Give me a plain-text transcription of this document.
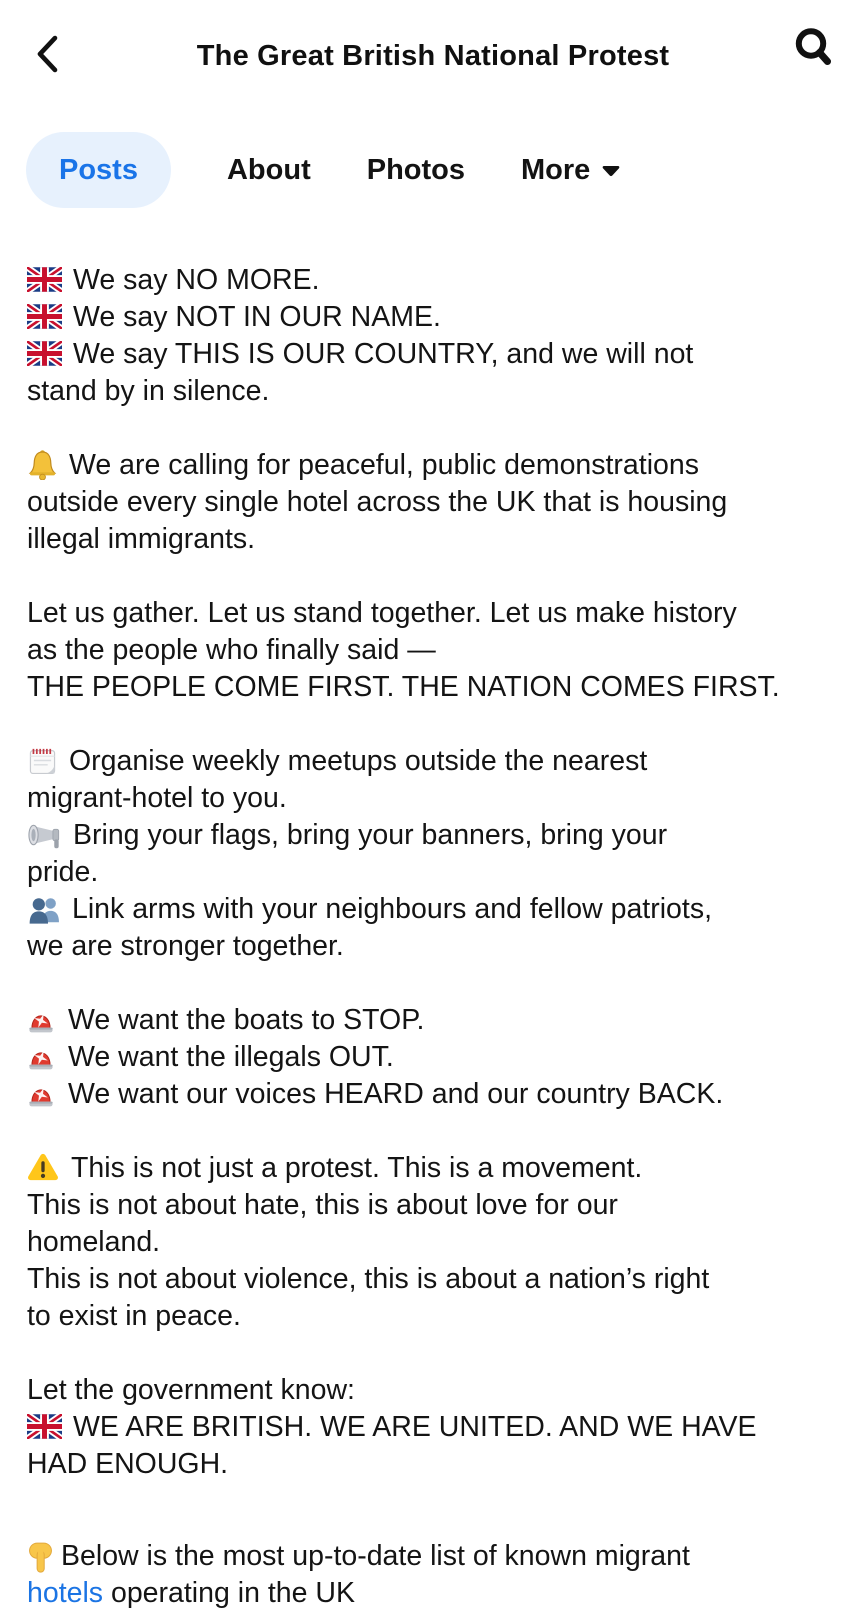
The Great British National Protest
Posts	About Photos More
We say NO MORE.
We say NOT IN OUR NAME.
We say THIS IS OUR COUNTRY, and we will not
stand by in silence.
We are calling for peaceful, public demonstrations
outside every single hotel across the UK that is housing
illegal immigrants.
Let us gather. Let us stand together. Let us make history
as the people who finally said —
THE PEOPLE COME FIRST. THE NATION COMES FIRST.
Organise weekly meetups outside the nearest
migrant-hotel to you.
Bring your flags, bring your banners, bring your
pride.
Link arms with your neighbours and fellow patriots,
we are stronger together.
We want the boats to STOP.
We want the illegals OUT.
We want our voices HEARD and our country BACK.
This is not just a protest. This is a movement.
This is not about hate, this is about love for our
homeland.
This is not about violence, this is about a nation’s right
to exist in peace.
Let the government know:
WE ARE BRITISH. WE ARE UNITED. AND WE HAVE
HAD ENOUGH.
Below is the most up-to-date list of known migrant
hotels operating in the UK
